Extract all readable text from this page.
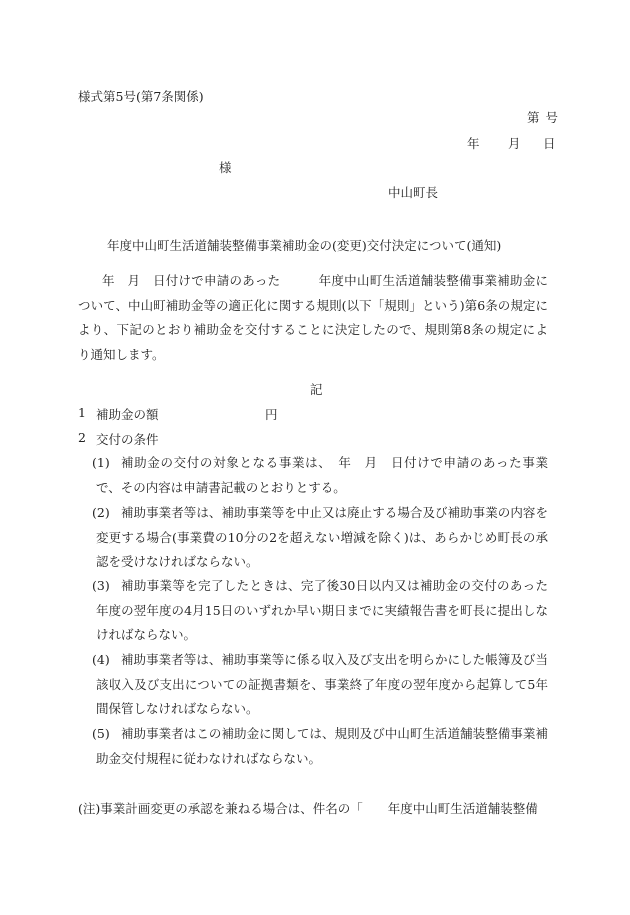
様式第5号(第7条関係)
第号
年 月 日
様
中山町長
年度中山町生活道舗装整備事業補助金の(変更)交付決定について(通知)
年　月　日付けで申請のあった　　　年度中山町生活道舗装整備事業補助金について、中山町補助金等の適正化に関する規則(以下「規則」という)第6条の規定により、下記のとおり補助金を交付することに決定したので、規則第8条の規定により通知します。
記
1 補助金の額	円
2 交付の条件
(1) 補助金の交付の対象となる事業は、　年　月　日付けで申請のあった事業で、その内容は申請書記載のとおりとする。
(2) 補助事業者等は、補助事業等を中止又は廃止する場合及び補助事業の内容を変更する場合(事業費の10分の2を超えない増減を除く)は、あらかじめ町長の承認を受けなければならない。
(3) 補助事業等を完了したときは、完了後30日以内又は補助金の交付のあった年度の翌年度の4月15日のいずれか早い期日までに実績報告書を町長に提出しなければならない。
(4) 補助事業者等は、補助事業等に係る収入及び支出を明らかにした帳簿及び当該収入及び支出についての証拠書類を、事業終了年度の翌年度から起算して5年間保管しなければならない。
(5) 補助事業者はこの補助金に関しては、規則及び中山町生活道舗装整備事業補助金交付規程に従わなければならない。
(注)事業計画変更の承認を兼ねる場合は、件名の「　　年度中山町生活道舗装整備
